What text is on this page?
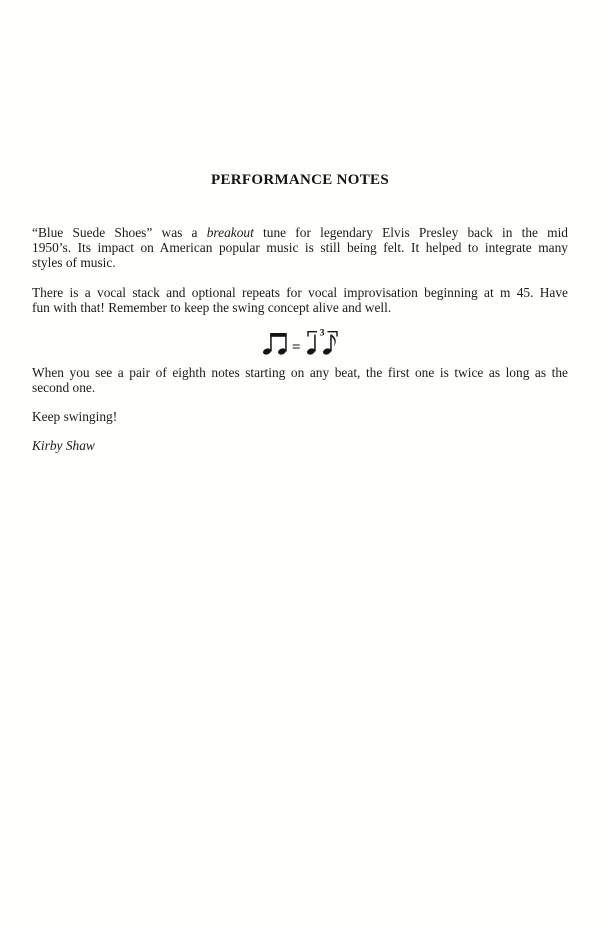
PERFORMANCE NOTES

“Blue Suede Shoes” was a breakout tune for legendary Elvis Presley back in the mid
1950’s. Its impact on American popular music is still being felt. It helped to integrate many
styles of music.

There is a vocal stack and optional repeats for vocal improvisation beginning at m 45. Have
fun with that! Remember to keep the swing concept alive and well.

=
3

When you see a pair of eighth notes starting on any beat, the first one is twice as long as the
second one.

Keep swinging!

Kirby Shaw
